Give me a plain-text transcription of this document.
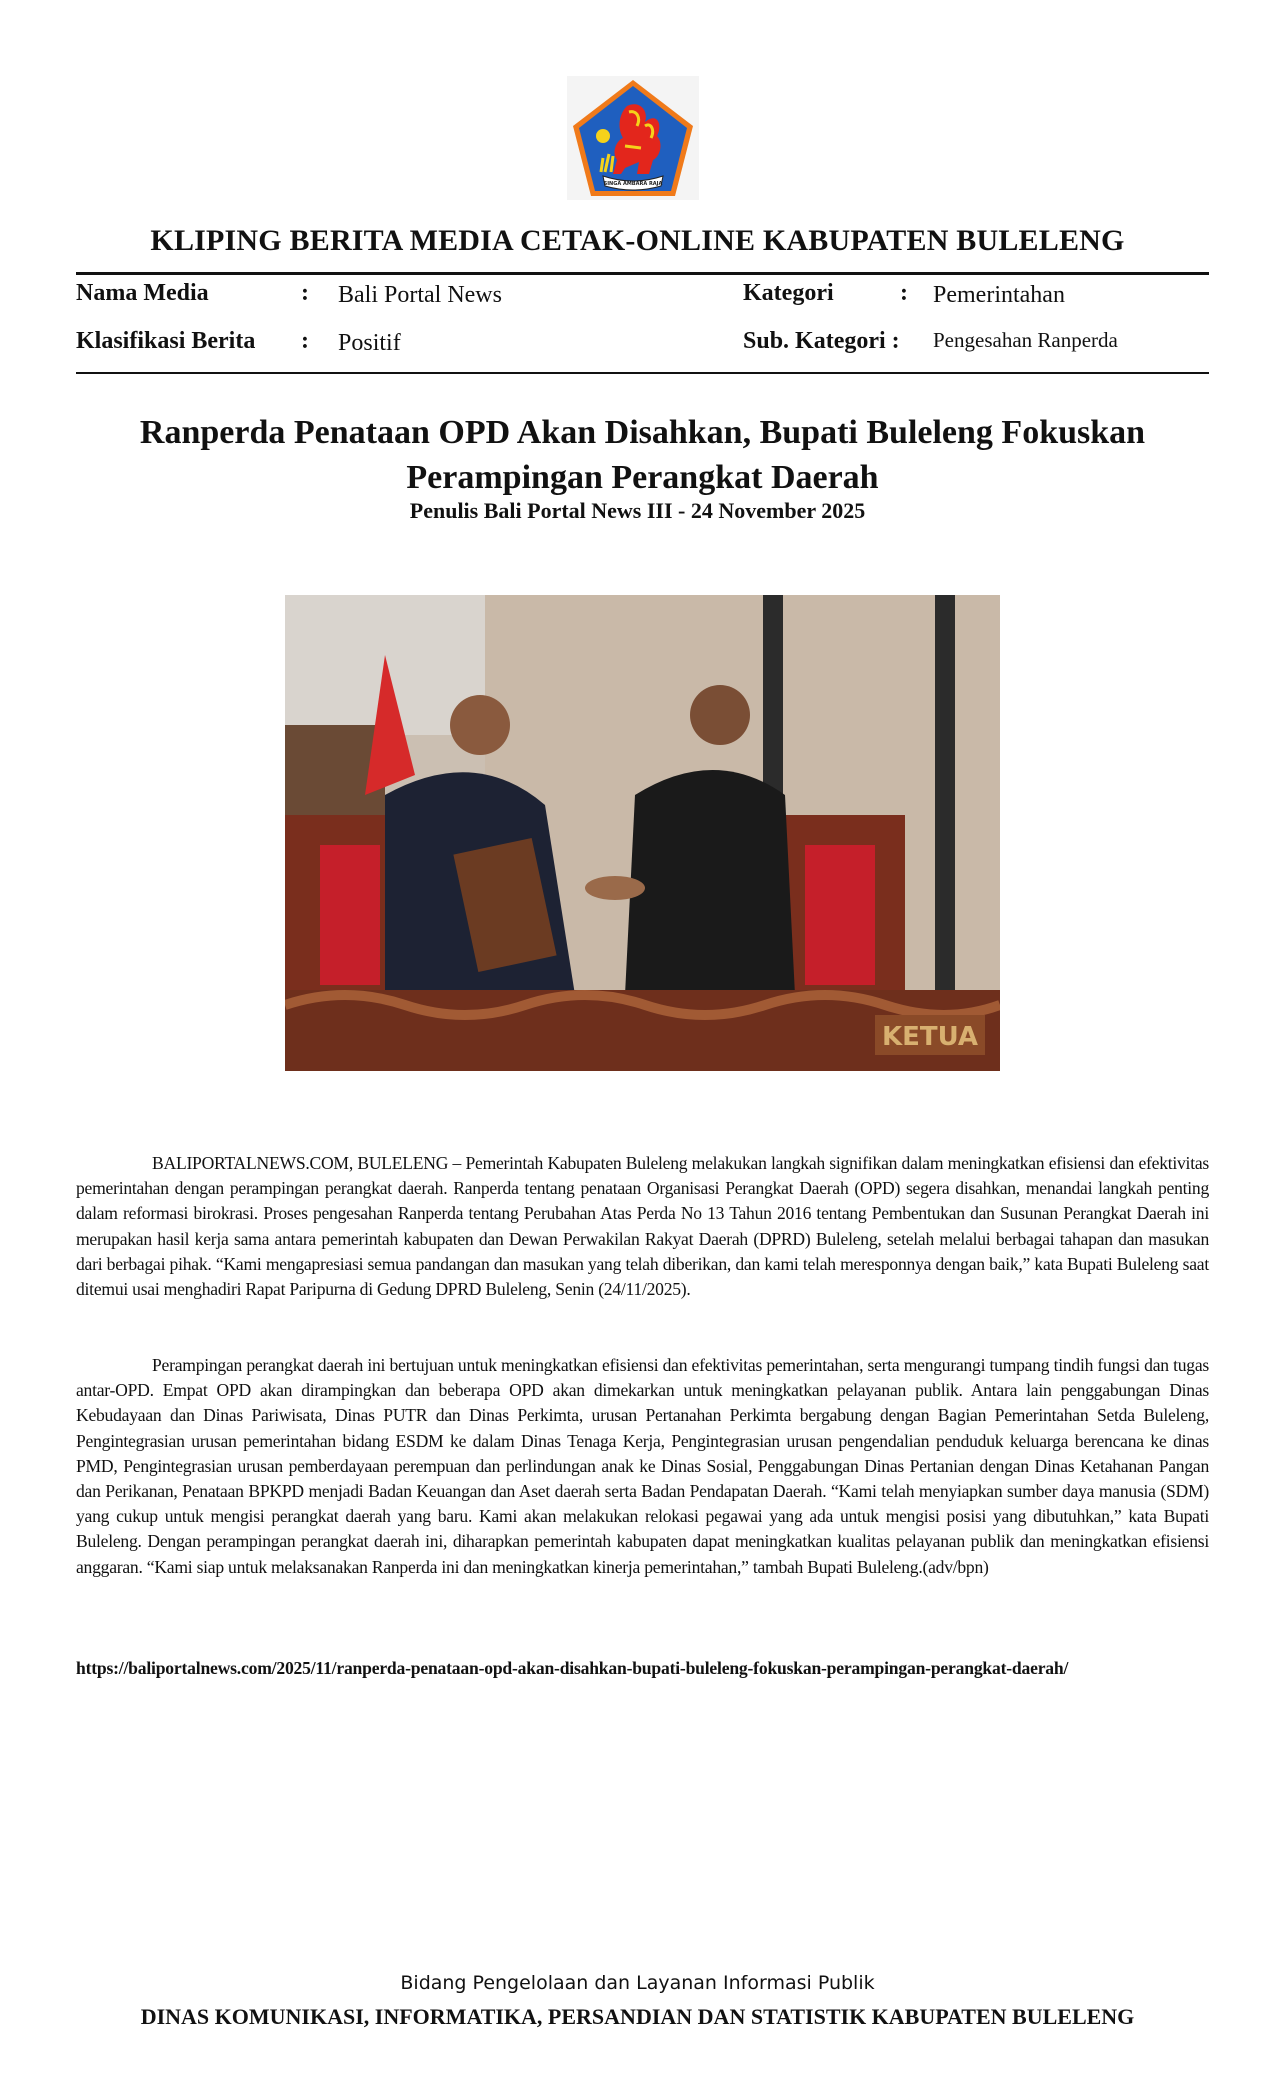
SINGA AMBARA RAJA
KLIPING BERITA MEDIA CETAK-ONLINE KABUPATEN BULELENG
Nama Media	: Bali Portal News
Klasifikasi Berita : Positif
Kategori	: Pemerintahan
Sub. Kategori : Pengesahan Ranperda
Ranperda Penataan OPD Akan Disahkan, Bupati Buleleng Fokuskan Perampingan Perangkat Daerah
Penulis Bali Portal News III - 24 November 2025
KETUA

BALIPORTALNEWS.COM, BULELENG – Pemerintah Kabupaten Buleleng melakukan langkah signifikan dalam meningkatkan efisiensi dan efektivitas pemerintahan dengan perampingan perangkat daerah. Ranperda tentang penataan Organisasi Perangkat Daerah (OPD) segera disahkan, menandai langkah penting dalam reformasi birokrasi. Proses pengesahan Ranperda tentang Perubahan Atas Perda No 13 Tahun 2016 tentang Pembentukan dan Susunan Perangkat Daerah ini merupakan hasil kerja sama antara pemerintah kabupaten dan Dewan Perwakilan Rakyat Daerah (DPRD) Buleleng, setelah melalui berbagai tahapan dan masukan dari berbagai pihak. “Kami mengapresiasi semua pandangan dan masukan yang telah diberikan, dan kami telah meresponnya dengan baik,” kata Bupati Buleleng saat ditemui usai menghadiri Rapat Paripurna di Gedung DPRD Buleleng, Senin (24/11/2025).

Perampingan perangkat daerah ini bertujuan untuk meningkatkan efisiensi dan efektivitas pemerintahan, serta mengurangi tumpang tindih fungsi dan tugas antar-OPD. Empat OPD akan dirampingkan dan beberapa OPD akan dimekarkan untuk meningkatkan pelayanan publik. Antara lain penggabungan Dinas Kebudayaan dan Dinas Pariwisata, Dinas PUTR dan Dinas Perkimta, urusan Pertanahan Perkimta bergabung dengan Bagian Pemerintahan Setda Buleleng, Pengintegrasian urusan pemerintahan bidang ESDM ke dalam Dinas Tenaga Kerja, Pengintegrasian urusan pengendalian penduduk keluarga berencana ke dinas PMD, Pengintegrasian urusan pemberdayaan perempuan dan perlindungan anak ke Dinas Sosial, Penggabungan Dinas Pertanian dengan Dinas Ketahanan Pangan dan Perikanan, Penataan BPKPD menjadi Badan Keuangan dan Aset daerah serta Badan Pendapatan Daerah. “Kami telah menyiapkan sumber daya manusia (SDM) yang cukup untuk mengisi perangkat daerah yang baru. Kami akan melakukan relokasi pegawai yang ada untuk mengisi posisi yang dibutuhkan,” kata Bupati Buleleng. Dengan perampingan perangkat daerah ini, diharapkan pemerintah kabupaten dapat meningkatkan kualitas pelayanan publik dan meningkatkan efisiensi anggaran. “Kami siap untuk melaksanakan Ranperda ini dan meningkatkan kinerja pemerintahan,” tambah Bupati Buleleng.(adv/bpn)

https://baliportalnews.com/2025/11/ranperda-penataan-opd-akan-disahkan-bupati-buleleng-fokuskan-perampingan-perangkat-daerah/
Bidang Pengelolaan dan Layanan Informasi Publik
DINAS KOMUNIKASI, INFORMATIKA, PERSANDIAN DAN STATISTIK KABUPATEN BULELENG
